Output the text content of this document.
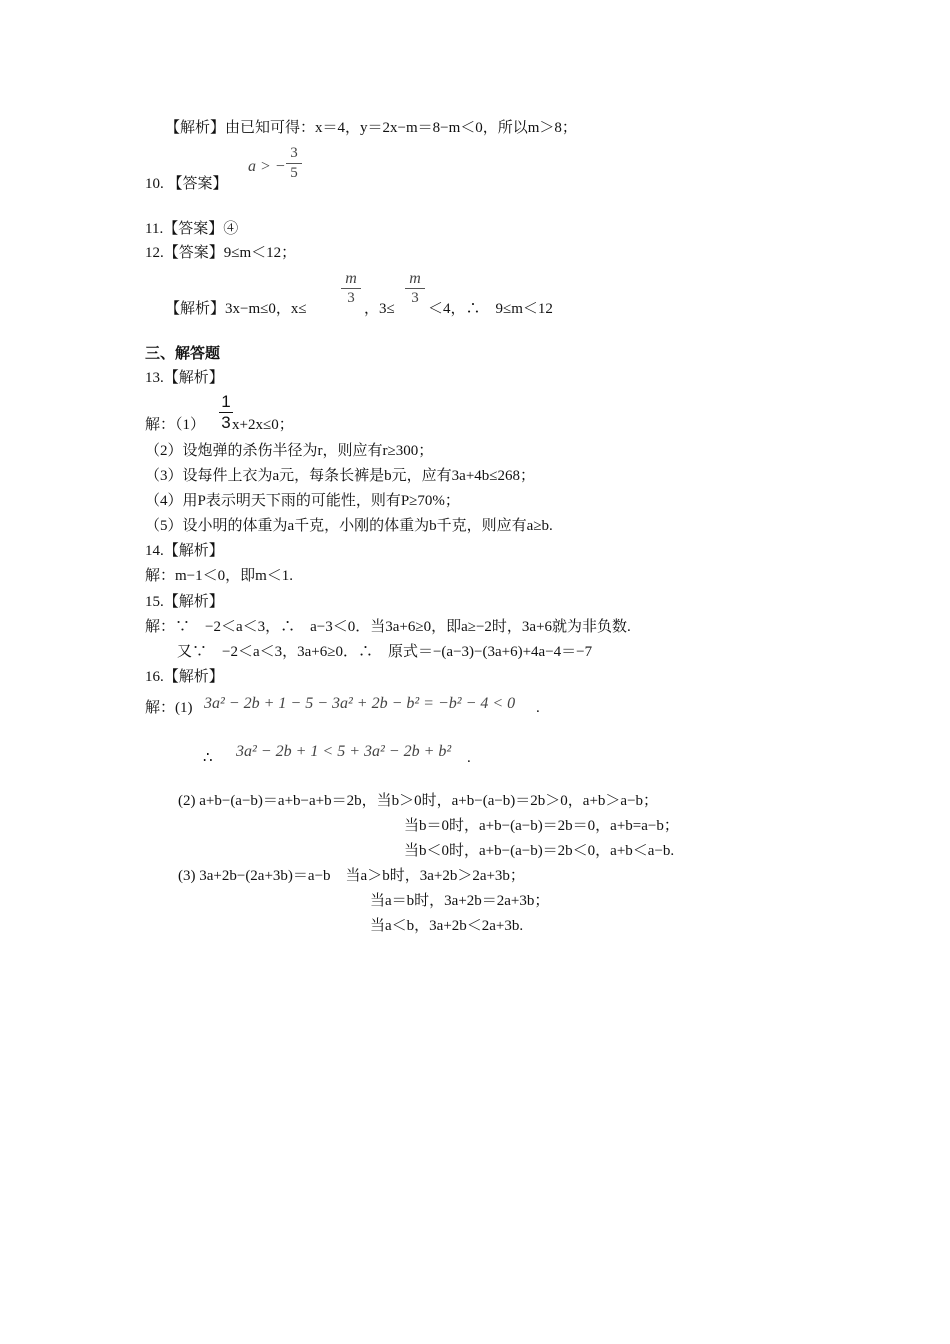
【解析】由已知可得：x＝4，y＝2x−m＝8−m＜0，所以m＞8；
10. 【答案】
a > −
3
5
11.【答案】④
12.【答案】9≤m＜12；
【解析】3x−m≤0，x≤
m
3
，3≤
m
3
＜4，∴　9≤m＜12
三、解答题
13.【解析】
解：（1）
1
3 x+2x≤0；
（2）设炮弹的杀伤半径为r，则应有r≥300；
（3）设每件上衣为a元，每条长裤是b元，应有3a+4b≤268；
（4）用P表示明天下雨的可能性，则有P≥70%；
（5）设小明的体重为a千克，小刚的体重为b千克，则应有a≥b.
14.【解析】
解：m−1＜0，即m＜1.
15.【解析】
解：∵　−2＜a＜3，∴　a−3＜0．当3a+6≥0，即a≥−2时，3a+6就为非负数.
又∵　−2＜a＜3，3a+6≥0．∴　原式＝−(a−3)−(3a+6)+4a−4＝−7
16.【解析】
解：(1) 3a² − 2b + 1 − 5 − 3a² + 2b − b² = −b² − 4 < 0 .
∴ 3a² − 2b + 1 < 5 + 3a² − 2b + b² .
(2) a+b−(a−b)＝a+b−a+b＝2b，当b＞0时，a+b−(a−b)＝2b＞0，a+b＞a−b；
当b＝0时，a+b−(a−b)＝2b＝0，a+b=a−b；
当b＜0时，a+b−(a−b)＝2b＜0，a+b＜a−b.
(3) 3a+2b−(2a+3b)＝a−b　当a＞b时，3a+2b＞2a+3b；
当a＝b时，3a+2b＝2a+3b；
当a＜b，3a+2b＜2a+3b.
